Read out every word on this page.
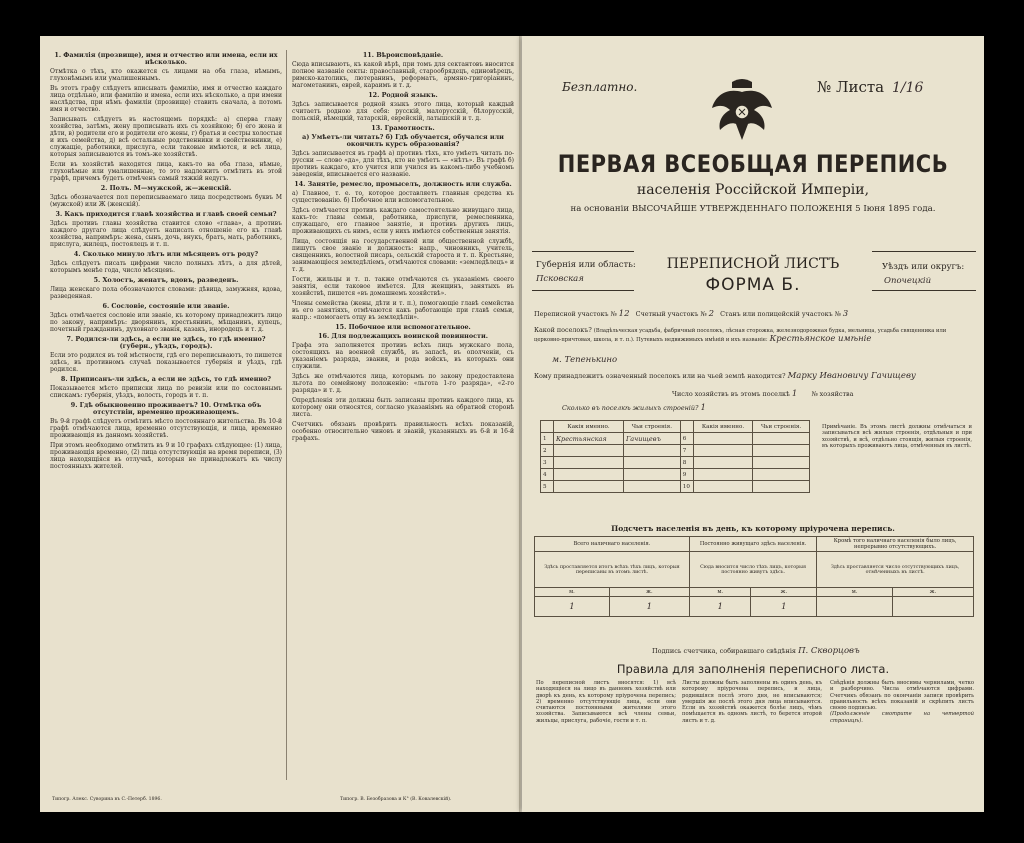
1. Фамилія (прозвище), имя и отчество или имена, если их нѣсколько.

Отмѣтка о тѣхъ, кто окажется съ лицами на оба глаза, нѣмымъ, глухонѣмымъ или умалишеннымъ.

Въ этотъ графу слѣдуетъ вписывать фамилію, имя и отчество каждаго лица отдѣльно, или фамилію и имена, если ихъ нѣсколько, а при имени наслѣдства, при нѣмъ фамиліи (прозвище) ставить сначала, а потомъ имя и отчество.

Записывать слѣдуетъ въ настоящемъ порядкѣ: а) сперва главу хозяйства, затѣмъ, жену прописывать ихъ съ хозяйкою; б) его жена и дѣти, в) родители его и родители его жены, г) братья и сестры холостыя и ихъ семейства, д) всѣ остальные родственники и свойственники, е) служащіе, работники, прислуга, если таковые имѣются, и всѣ лица, которыя записываются въ томъ-же хозяйствѣ.

Если въ хозяйствѣ находятся лица, какъ-то на оба глаза, нѣмые, глухонѣмые или умалишенные, то это надлежитъ отмѣтить въ этой графѣ, причемъ будетъ отмѣченъ самый тяжкій недугъ.

2. Полъ. М—мужской, ж—женскій.

Здѣсь обозначается пол переписываемаго лица посредствомъ буквъ М (мужской) или Ж (женскій).

3. Какъ приходится главѣ хозяйства и главѣ своей семьи?

Здѣсь противъ главы хозяйства ставится слово «глава», а противъ каждого другаго лица слѣдуетъ написать отношеніе его къ главѣ хозяйства, напримѣръ: жена, сынъ, дочь, внукъ, братъ, мать, работникъ, прислуга, жилецъ, постоялецъ и т. п.

4. Сколько минуло лѣтъ или мѣсяцевъ отъ роду?

Здѣсь слѣдуетъ писать цифрами число полныхъ лѣтъ, а для дѣтей, которымъ менѣе года, число мѣсяцевъ.

5. Холостъ, женатъ, вдовъ, разведенъ.

Лица женскаго пола обозначаются словами: дѣвица, замужняя, вдова, разведенная.

6. Сословіе, состояніе или званіе.

Здѣсь отмѣчается сословіе или званіе, къ которому принадлежитъ лицо по закону, напримѣръ: дворянинъ, крестьянинъ, мѣщанинъ, купецъ, почетный гражданинъ, духовнаго званія, казакъ, инородецъ и т. д.

7. Родился-ли здѣсь, а если не здѣсь, то гдѣ именно? (губерн., уѣздъ, городъ).

Если это родился въ той мѣстности, гдѣ его переписываютъ, то пишется здѣсь, въ противномъ случаѣ показывается губернія и уѣздъ, гдѣ родился.

8. Приписанъ-ли здѣсь, а если не здѣсь, то гдѣ именно?

Показывается мѣсто приписки лица по ревизіи или по сословнымъ спискамъ: губернія, уѣздъ, волость, городъ и т. п.

9. Гдѣ обыкновенно проживаетъ? 10. Отмѣтка объ отсутствіи, временно проживающемъ.

Въ 9-й графѣ слѣдуетъ отмѣтить мѣсто постояннаго жительства. Въ 10-й графѣ отмѣчаются лица, временно отсутствующія, и лица, временно проживающія въ данномъ хозяйствѣ.

При этомъ необходимо отмѣтить въ 9 и 10 графахъ слѣдующее: (1) лица, проживающія временно, (2) лица отсутствующія на время переписи, (3) лица находящіяся въ отлучкѣ, которыя не принадлежатъ къ числу постоянныхъ жителей.

11. Вѣроисповѣданіе.

Сюда вписываютъ, къ какой вѣрѣ, при томъ для сектантовъ вносится полное названіе секты: православный, старообрядецъ, единовѣрецъ, римско-католикъ, лютеранинъ, реформатъ, армяно-григоріанинъ, магометанинъ, еврей, караимъ и т. д.

12. Родной языкъ.

Здѣсь записывается родной языкъ этого лица, который каждый считаетъ родною для себя: русскій, малорусскій, бѣлорусскій, польскій, нѣмецкій, татарскій, еврейскій, латышскій и т. д.

13. Грамотность.
а) Умѣетъ-ли читать? б) Гдѣ обучается, обучался или окончилъ курсъ образованія?

Здѣсь записывается въ графѣ а) противъ тѣхъ, кто умѣетъ читать по-русски — слово «да», для тѣхъ, кто не умѣетъ — «нѣтъ». Въ графѣ б) противъ каждаго, кто учится или учился въ какомъ-либо учебномъ заведеніи, вписывается его названіе.

14. Занятіе, ремесло, промыселъ, должность или служба.

а) Главное, т. е. то, которое доставляетъ главныя средства къ существованію. б) Побочное или вспомогательное.

Здѣсь отмѣчается противъ каждаго самостоятельно живущаго лица, какъ-то: главы семьи, работника, прислуги, ремесленника, служащаго, его главное занятіе, и противъ другихъ лицъ, проживающихъ съ нимъ, если у нихъ имѣются собственныя занятія.

Лица, состоящія на государственной или общественной службѣ, пишутъ свое званіе и должность: напр., чиновникъ, учитель, священникъ, волостной писарь, сельскій староста и т. п. Крестьяне, занимающіеся земледѣліемъ, отмѣчаются словами: «земледѣлецъ» и т. д.

Гости, жильцы и т. п. также отмѣчаются съ указаніемъ своего занятія, если таковое имѣется. Для женщинъ, занятыхъ въ хозяйствѣ, пишется «въ домашнемъ хозяйствѣ».

Члены семейства (жены, дѣти и т. п.), помогающіе главѣ семейства въ его занятіяхъ, отмѣчаются какъ работающіе при главѣ семьи, напр.: «помогаетъ отцу въ земледѣліи».

15. Побочное или вспомогательное.
16. Для подлежащихъ воинской повинности.

Графа эта заполняется противъ всѣхъ лицъ мужскаго пола, состоящихъ на военной службѣ, въ запасѣ, въ ополченіи, съ указаніемъ разряда, звания, и рода войскъ, въ которыхъ они служили.

Здѣсь же отмѣчаются лица, которымъ по закону предоставлена льгота по семейному положенію: «льгота 1-го разряда», «2-го разряда» и т. д.

Опредѣленія эти должны быть записаны противъ каждого лица, къ которому они относятся, согласно указаніямъ на обратной сторонѣ листа.

Счетчикъ обязанъ провѣрить правильность всѣхъ показаній, особенно относительно чиновъ и званій, указанныхъ въ 6-й и 16-й графахъ.

Типогр. Алекс. Суворина въ С.-Петерб. 1896.	Типогр. В. Безобразова и К° (В. Ковалевскій).
Безплатно.	№ Листа 1/16
ПЕРВАЯ ВСЕОБЩАЯ ПЕРЕПИСЬ
населенія Россійской Имперіи,
на основаніи ВЫСОЧАЙШЕ УТВЕРЖДЕННАГО ПОЛОЖЕНІЯ 5 Іюня 1895 года.
Губернія или область:
Псковская
Уѣздъ или округъ:
Опочецкій
ПЕРЕПИСНОЙ ЛИСТЪ
ФОРМА Б.
Переписной участокъ № 12 Счетный участокъ № 2 Станъ или полицейскій участокъ № 3
Какой поселокъ? (Владѣльческая усадьба, фабричный поселокъ, лѣсная сторожка, железнодорожная будка, мельница, усадьба священника или церковно-причтовая, школа, и т. п.). Путевыхъ недвижимыхъ имѣній и ихъ названіе: Крестьянское имѣніе
м. Тепенькино
Кому принадлежитъ означенный поселокъ или на чьей землѣ находится? Марку Ивановичу Гачищеву
Число хозяйствъ въ этомъ поселкѣ 1 № хозяйства
Сколько въ поселкѣ жилыхъ строеній? 1
	Какія именно.	Чьи строенія.		Какія именно.	Чьи строенія.
1	Крестьянская	Гачищевъ	6		
2			7		
3			8		
4			9		
5			10		
Примѣчаніе. Въ этомъ листѣ должны отмѣчаться и записываться всѣ жилыя строенія, отдѣльныя и при хозяйствѣ, и всѣ, отдѣльно стоящія, жилыя строенія, въ которыхъ проживаютъ лица, отмѣченныя въ листѣ.
Подсчетъ населенія въ день, къ которому пріурочена перепись.
Всего наличнаго населенія.		Постоянно живущаго здѣсь населенія.		Кромѣ того наличнаго населенія было лицъ, непрерывно отсутствующихъ.	
Здѣсь проставляется итогъ всѣхъ тѣхъ лицъ, которыя переписаны въ этомъ листѣ.		Сюда вносится число тѣхъ лицъ, которыя постоянно живутъ здѣсь.		Здѣсь проставляется число отсутствующихъ лицъ, отмѣченныхъ въ листѣ.	
м.	ж.	м.	ж.	м.	ж.
1	1	1	1		
Подпись счетчика, собиравшаго свѣдѣнія П. Скворцовъ
Правила для заполненія переписного листа.
По переписной листъ вносятся: 1) всѣ находящіеся на лицо въ данномъ хозяйствѣ или дворѣ къ день, къ которому пріурочена перепись; 2) временно отсутствующіе лица, если они считаются постоянными жителями этого хозяйства. Записываются всѣ члены семьи, жильцы, прислуга, рабочіе, гости и т. п.
Листы должны быть заполнены въ одинъ день, къ которому пріурочена перепись, и лица, родившіяся послѣ этого дня, не вписываются; умершія же послѣ этого дня лица вписываются. Если въ хозяйствѣ окажется болѣе лицъ, чѣмъ помѣщается въ одномъ листѣ, то берется второй листъ и т. д.
Свѣдѣнія должны быть вносимы чернилами, четко и разборчиво. Числа отмѣчаются цифрами. Счетчикъ обязанъ по окончаніи записи провѣрить правильность всѣхъ показаній и скрѣпить листъ своею подписью.
(Продолженіе смотрите на четвертой страницѣ).
